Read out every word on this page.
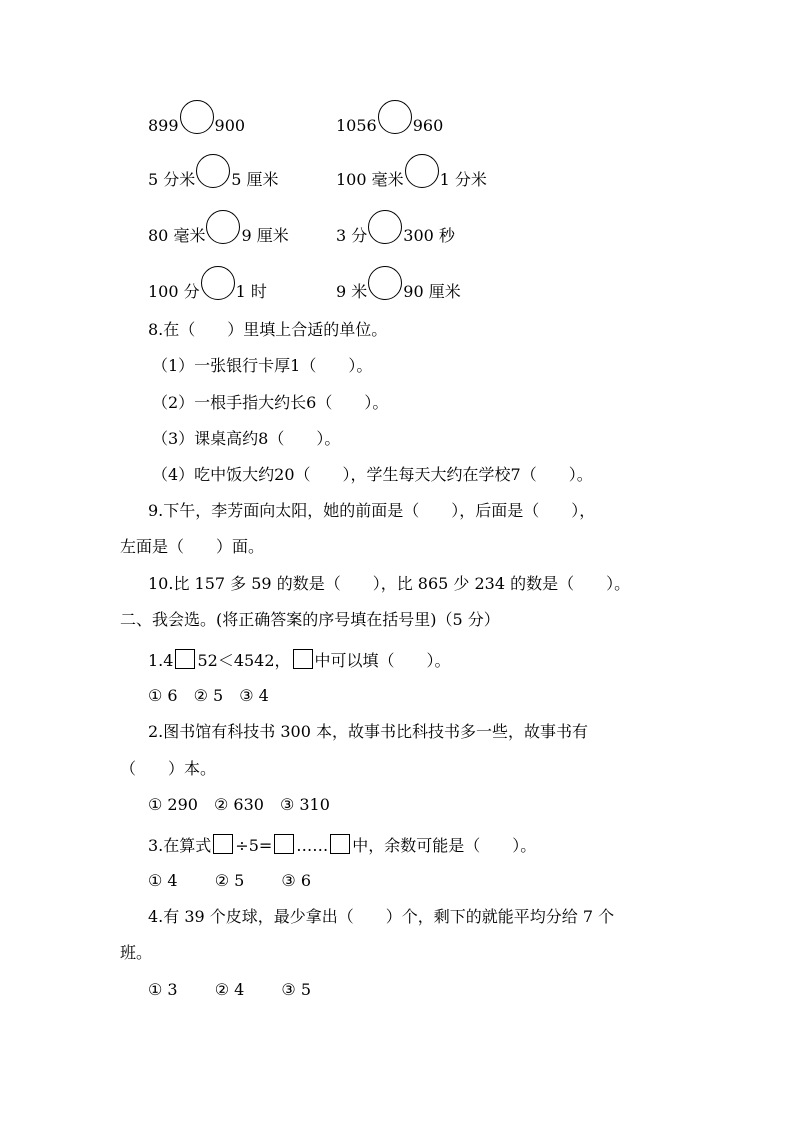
899 900	1056 960
5 分米 5 厘米	100 毫米 1 分米
80 毫米 9 厘米	3 分 300 秒
100 分 1 时	9 米 90 厘米
8.在（　　）里填上合适的单位。
（1）一张银行卡厚1（　　）。
（2）一根手指大约长6（　　）。
（3）课桌高约8（　　）。
（4）吃中饭大约20（　　），学生每天大约在学校7（　　）。
9.下午，李芳面向太阳，她的前面是（　　），后面是（　　），
左面是（　　）面。
10.比 157 多 59 的数是（　　），比 865 少 234 的数是（　　）。
二、我会选。(将正确答案的序号填在括号里)（5 分）
1.4 52＜4542， 中可以填（　　）。
① 6　② 5　③ 4
2.图书馆有科技书 300 本，故事书比科技书多一些，故事书有
（　　）本。
① 290　② 630　③ 310
3.在算式 ÷5= …… 中，余数可能是（　　）。
① 4　　 ② 5　　 ③ 6
4.有 39 个皮球，最少拿出（　　）个，剩下的就能平均分给 7 个
班。
① 3　　 ② 4　　 ③ 5
